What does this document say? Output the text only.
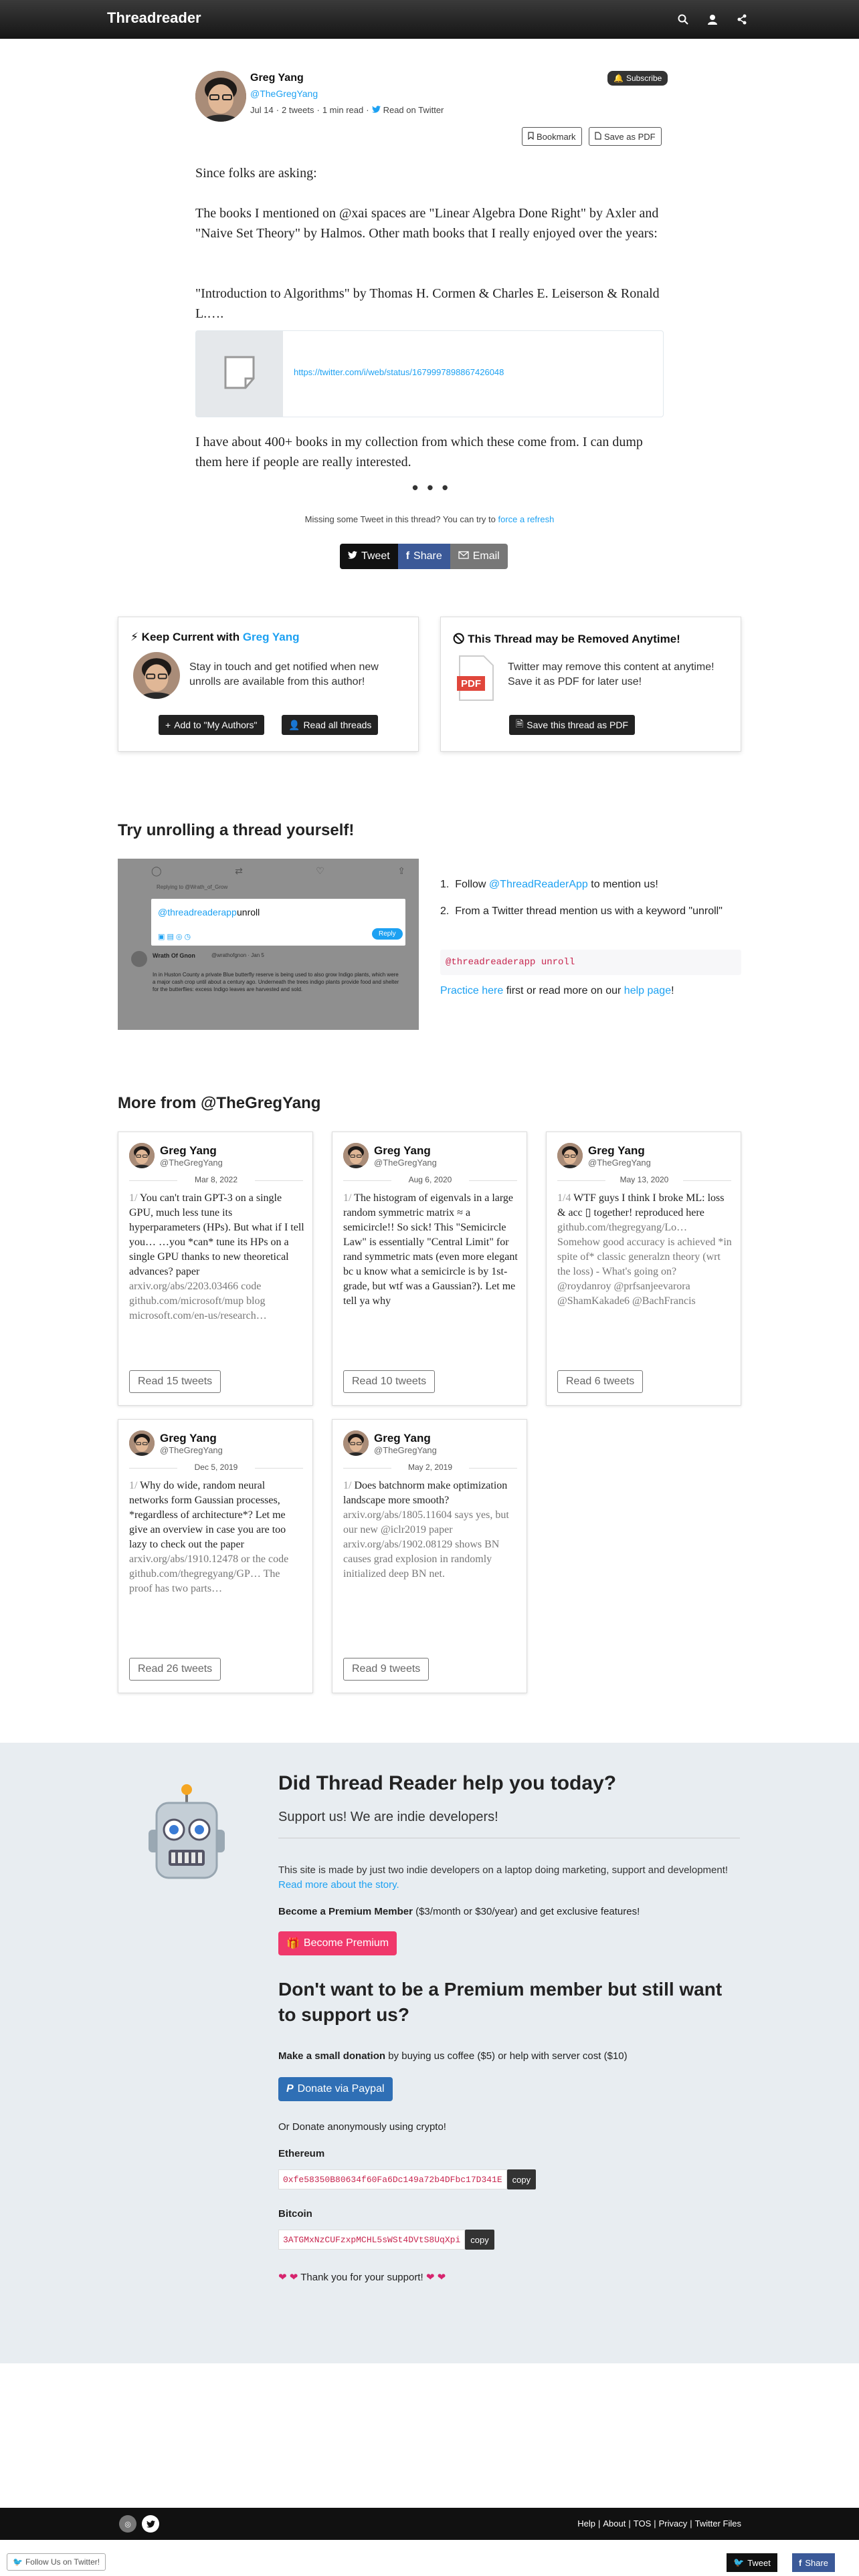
Threadreader
Greg Yang
@TheGregYang
Jul 14 · 2 tweets · 1 min read · Read on Twitter
🔔 Subscribe
Bookmark	Save as PDF

Since folks are asking:

The books I mentioned on @xai spaces are "Linear Algebra Done Right" by Axler and "Naive Set Theory" by Halmos. Other math books that I really enjoyed over the years:

"Introduction to Algorithms" by Thomas H. Cormen & Charles E. Leiserson & Ronald L.….

https://twitter.com/i/web/status/1679997898867426048

I have about 400+ books in my collection from which these come from. I can dump them here if people are really interested.

• • •
Missing some Tweet in this thread? You can try to force a refresh
Tweet f Share	Email
⚡ Keep Current with Greg Yang

Stay in touch and get notified when new unrolls are available from this author!

+ Add to "My Authors"	👤 Read all threads
🛇 This Thread may be Removed Anytime!
PDF

Twitter may remove this content at anytime! Save it as PDF for later use!

🗎 Save this thread as PDF
Try unrolling a thread yourself!
◯	⇄	♡	⇪
Replying to @Wrath_of_Grow
@threadreaderapp unroll
▣ ▤ ◎ ◷	Reply
Wrath Of Gnon	@wrathofgnon · Jan 5

In in Huston County a private Blue butterfly reserve is being used to also grow Indigo plants, which were a major cash crop until about a century ago. Underneath the trees indigo plants provide food and shelter for the butterflies: excess Indigo leaves are harvested and sold.

1.  Follow @ThreadReaderApp to mention us!
2.  From a Twitter thread mention us with a keyword "unroll"
@threadreaderapp unroll
Practice here first or read more on our help page!
More from @TheGregYang
Greg Yang
@TheGregYang
Mar 8, 2022

1/ You can't train GPT-3 on a single GPU, much less tune its hyperparameters (HPs). But what if I tell you… …you *can* tune its HPs on a single GPU thanks to new theoretical advances? paper arxiv.org/abs/2203.03466 code github.com/microsoft/mup blog microsoft.com/en-us/research…

Read 15 tweets
Greg Yang
@TheGregYang
Aug 6, 2020

1/ The histogram of eigenvals in a large random symmetric matrix ≈ a semicircle!! So sick! This "Semicircle Law" is essentially "Central Limit" for rand symmetric mats (even more elegant bc u know what a semicircle is by 1st-grade, but wtf was a Gaussian?). Let me tell ya why

Read 10 tweets
Greg Yang
@TheGregYang
May 13, 2020

1/4 WTF guys I think I broke ML: loss & acc ▯ together! reproduced here github.com/thegregyang/Lo… Somehow good accuracy is achieved *in spite of* classic generalzn theory (wrt the loss) - What's going on? @roydanroy @prfsanjeevarora @ShamKakade6 @BachFrancis

Read 6 tweets
Greg Yang
@TheGregYang
Dec 5, 2019

1/ Why do wide, random neural networks form Gaussian processes, *regardless of architecture*? Let me give an overview in case you are too lazy to check out the paper arxiv.org/abs/1910.12478 or the code github.com/thegregyang/GP… The proof has two parts…

Read 26 tweets
Greg Yang
@TheGregYang
May 2, 2019

1/ Does batchnorm make optimization landscape more smooth? arxiv.org/abs/1805.11604 says yes, but our new @iclr2019 paper arxiv.org/abs/1902.08129 shows BN causes grad explosion in randomly initialized deep BN net.

Read 9 tweets
Did Thread Reader help you today?

Support us! We are indie developers!

This site is made by just two indie developers on a laptop doing marketing, support and development! Read more about the story.

Become a Premium Member ($3/month or $30/year) and get exclusive features!

🎁 Become Premium
Don't want to be a Premium member but still want to support us?

Make a small donation by buying us coffee ($5) or help with server cost ($10)

P Donate via Paypal

Or Donate anonymously using crypto!

Ethereum

0xfe58350B80634f60Fa6Dc149a72b4DFbc17D341E	copy

Bitcoin

3ATGMxNzCUFzxpMCHL5sWSt4DVtS8UqXpi	copy

❤ ❤ Thank you for your support! ❤ ❤

◎	Help | About | TOS | Privacy | Twitter Files
🐦 Follow Us on Twitter!	🐦 Tweet	f Share
